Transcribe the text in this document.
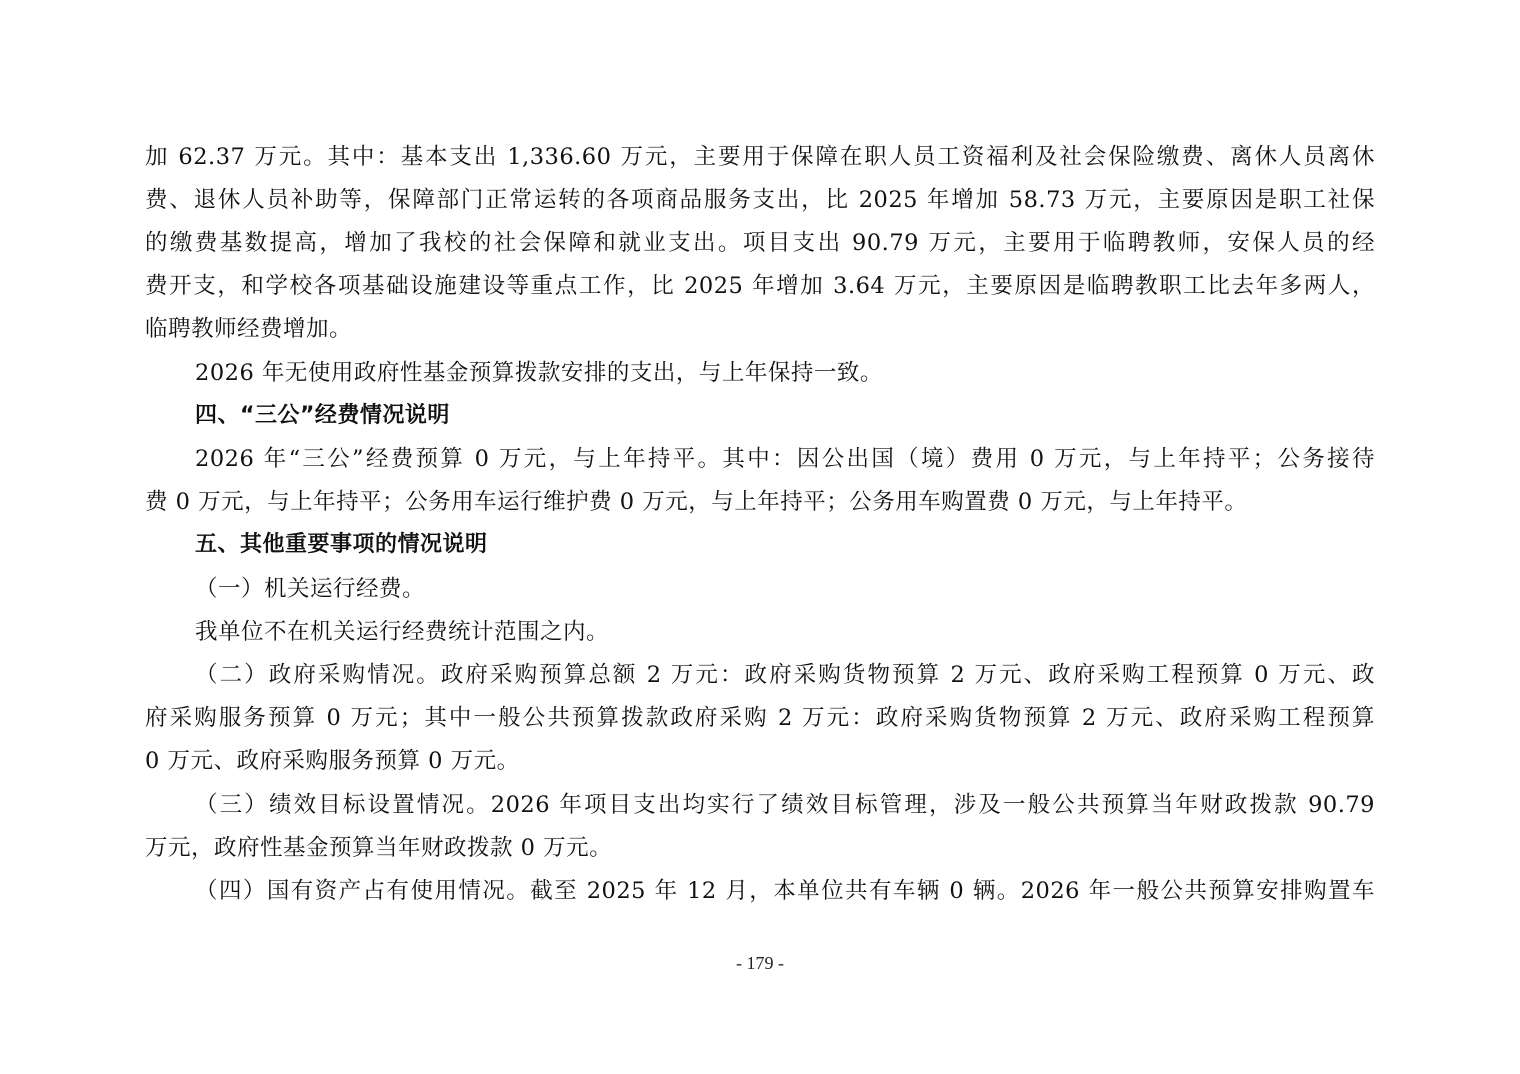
加 62.37 万元。其中：基本支出 1,336.60 万元，主要用于保障在职人员工资福利及社会保险缴费、离休人员离休
费、退休人员补助等，保障部门正常运转的各项商品服务支出，比 2025 年增加 58.73 万元，主要原因是职工社保
的缴费基数提高，增加了我校的社会保障和就业支出。项目支出 90.79 万元，主要用于临聘教师，安保人员的经
费开支，和学校各项基础设施建设等重点工作，比 2025 年增加 3.64 万元，主要原因是临聘教职工比去年多两人，
临聘教师经费增加。
2026 年无使用政府性基金预算拨款安排的支出，与上年保持一致。
四、“三公”经费情况说明
2026 年“三公”经费预算 0 万元，与上年持平。其中：因公出国（境）费用 0 万元，与上年持平；公务接待
费 0 万元，与上年持平；公务用车运行维护费 0 万元，与上年持平；公务用车购置费 0 万元，与上年持平。
五、其他重要事项的情况说明
（一）机关运行经费。
我单位不在机关运行经费统计范围之内。
（二）政府采购情况。政府采购预算总额 2 万元：政府采购货物预算 2 万元、政府采购工程预算 0 万元、政
府采购服务预算 0 万元；其中一般公共预算拨款政府采购 2 万元：政府采购货物预算 2 万元、政府采购工程预算
0 万元、政府采购服务预算 0 万元。
（三）绩效目标设置情况。2026 年项目支出均实行了绩效目标管理，涉及一般公共预算当年财政拨款 90.79
万元，政府性基金预算当年财政拨款 0 万元。
（四）国有资产占有使用情况。截至 2025 年 12 月，本单位共有车辆 0 辆。2026 年一般公共预算安排购置车
- 179 -
